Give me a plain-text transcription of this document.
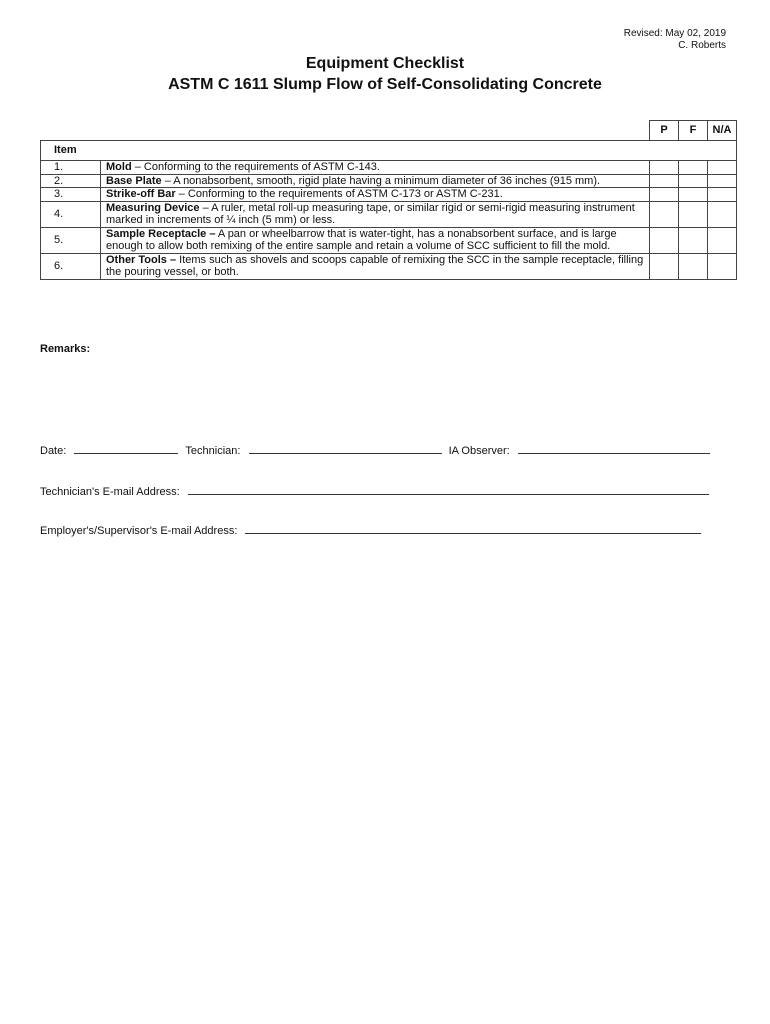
Revised: May 02, 2019
C. Roberts
Equipment Checklist
ASTM C 1611 Slump Flow of Self-Consolidating Concrete
		P	F	N/A
Item				
1.	Mold – Conforming to the requirements of ASTM C-143.			
2.	Base Plate – A nonabsorbent, smooth, rigid plate having a minimum diameter of 36 inches (915 mm).			
3.	Strike-off Bar – Conforming to the requirements of ASTM C-173 or ASTM C-231.			
4.	Measuring Device – A ruler, metal roll-up measuring tape, or similar rigid or semi-rigid measuring instrument marked in increments of ¼ inch (5 mm) or less.			
5.	Sample Receptacle – A pan or wheelbarrow that is water-tight, has a nonabsorbent surface, and is large enough to allow both remixing of the entire sample and retain a volume of SCC sufficient to fill the mold.			
6.	Other Tools – Items such as shovels and scoops capable of remixing the SCC in the sample receptacle, filling the pouring vessel, or both.			
Remarks:
Date:	Technician:	IA Observer:
Technician's E-mail Address:
Employer's/Supervisor's E-mail Address:
